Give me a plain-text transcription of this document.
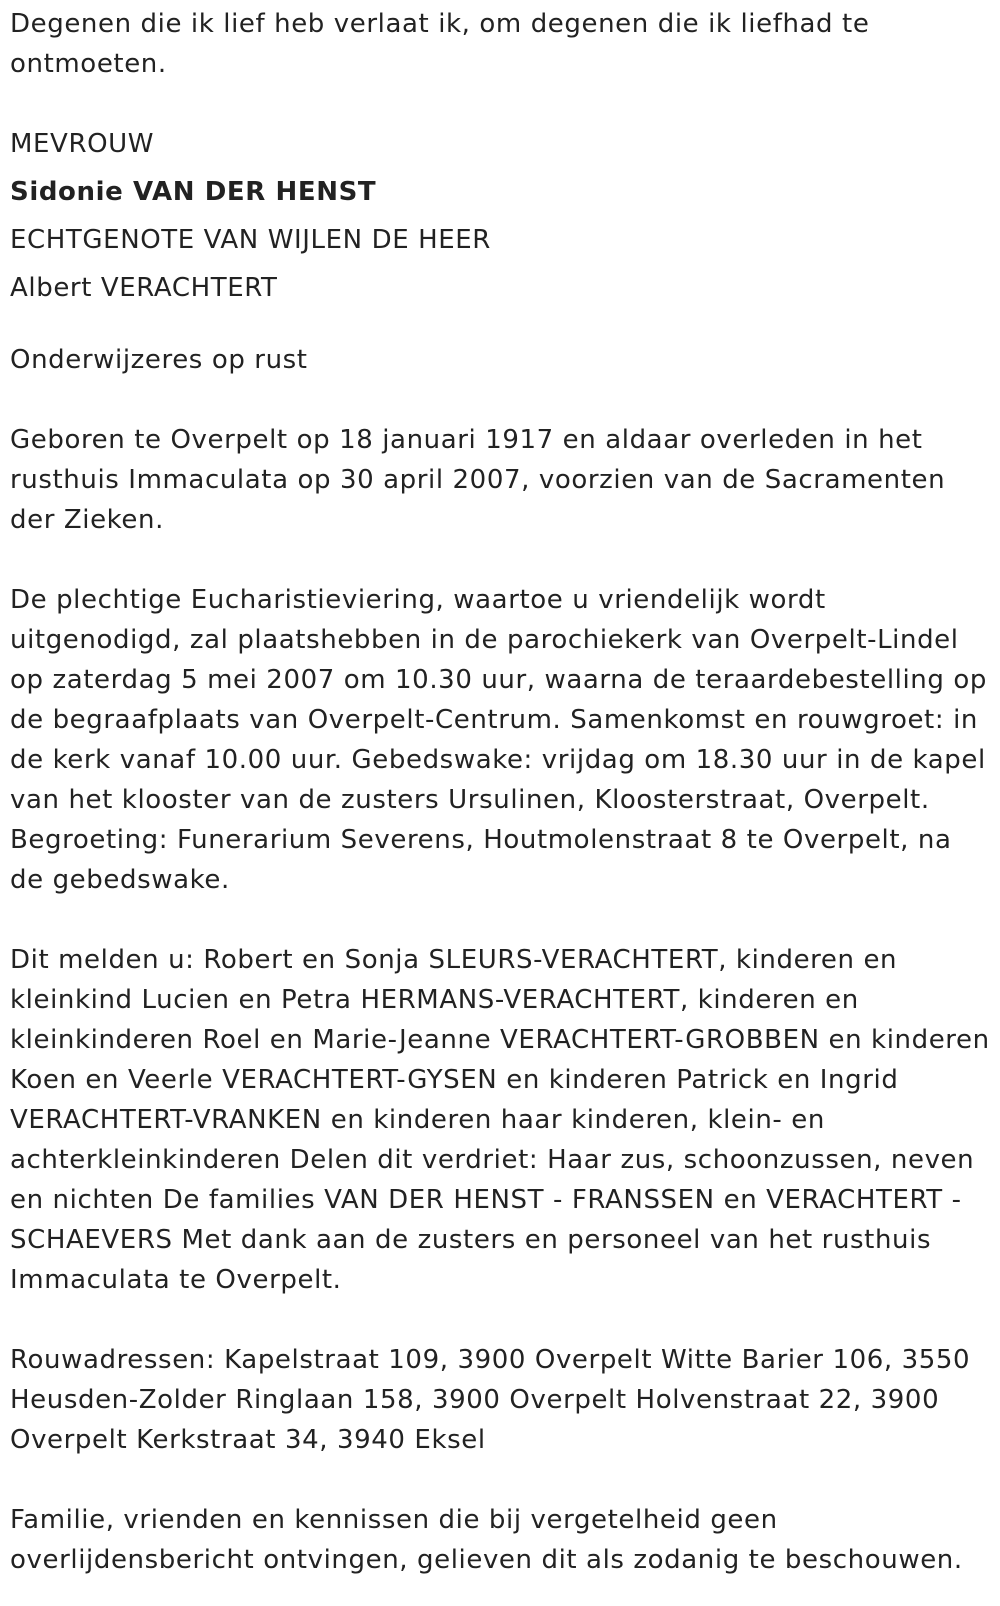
Degenen die ik lief heb verlaat ik, om degenen die ik liefhad te ontmoeten.

MEVROUW

Sidonie VAN DER HENST

ECHTGENOTE VAN WIJLEN DE HEER

Albert VERACHTERT

Onderwijzeres op rust

Geboren te Overpelt op 18 januari 1917 en aldaar overleden in het rusthuis Immaculata op 30 april 2007, voorzien van de Sacramenten der Zieken.

De plechtige Eucharistieviering, waartoe u vriendelijk wordt uitgenodigd, zal plaatshebben in de parochiekerk van Overpelt-Lindel op zaterdag 5 mei 2007 om 10.30 uur, waarna de teraardebestelling op de begraafplaats van Overpelt-Centrum. Samenkomst en rouwgroet: in de kerk vanaf 10.00 uur. Gebedswake: vrijdag om 18.30 uur in de kapel van het klooster van de zusters Ursulinen, Kloosterstraat, Overpelt. Begroeting: Funerarium Severens, Houtmolenstraat 8 te Overpelt, na de gebedswake.

Dit melden u: Robert en Sonja SLEURS-VERACHTERT, kinderen en kleinkind Lucien en Petra HERMANS-VERACHTERT, kinderen en kleinkinderen Roel en Marie-Jeanne VERACHTERT-GROBBEN en kinderen Koen en Veerle VERACHTERT-GYSEN en kinderen Patrick en Ingrid VERACHTERT-VRANKEN en kinderen haar kinderen, klein- en achterkleinkinderen Delen dit verdriet: Haar zus, schoonzussen, neven en nichten De families VAN DER HENST - FRANSSEN en VERACHTERT - SCHAEVERS Met dank aan de zusters en personeel van het rusthuis Immaculata te Overpelt.

Rouwadressen: Kapelstraat 109, 3900 Overpelt Witte Barier 106, 3550 Heusden-Zolder Ringlaan 158, 3900 Overpelt Holvenstraat 22, 3900 Overpelt Kerkstraat 34, 3940 Eksel

Familie, vrienden en kennissen die bij vergetelheid geen overlijdensbericht ontvingen, gelieven dit als zodanig te beschouwen.
